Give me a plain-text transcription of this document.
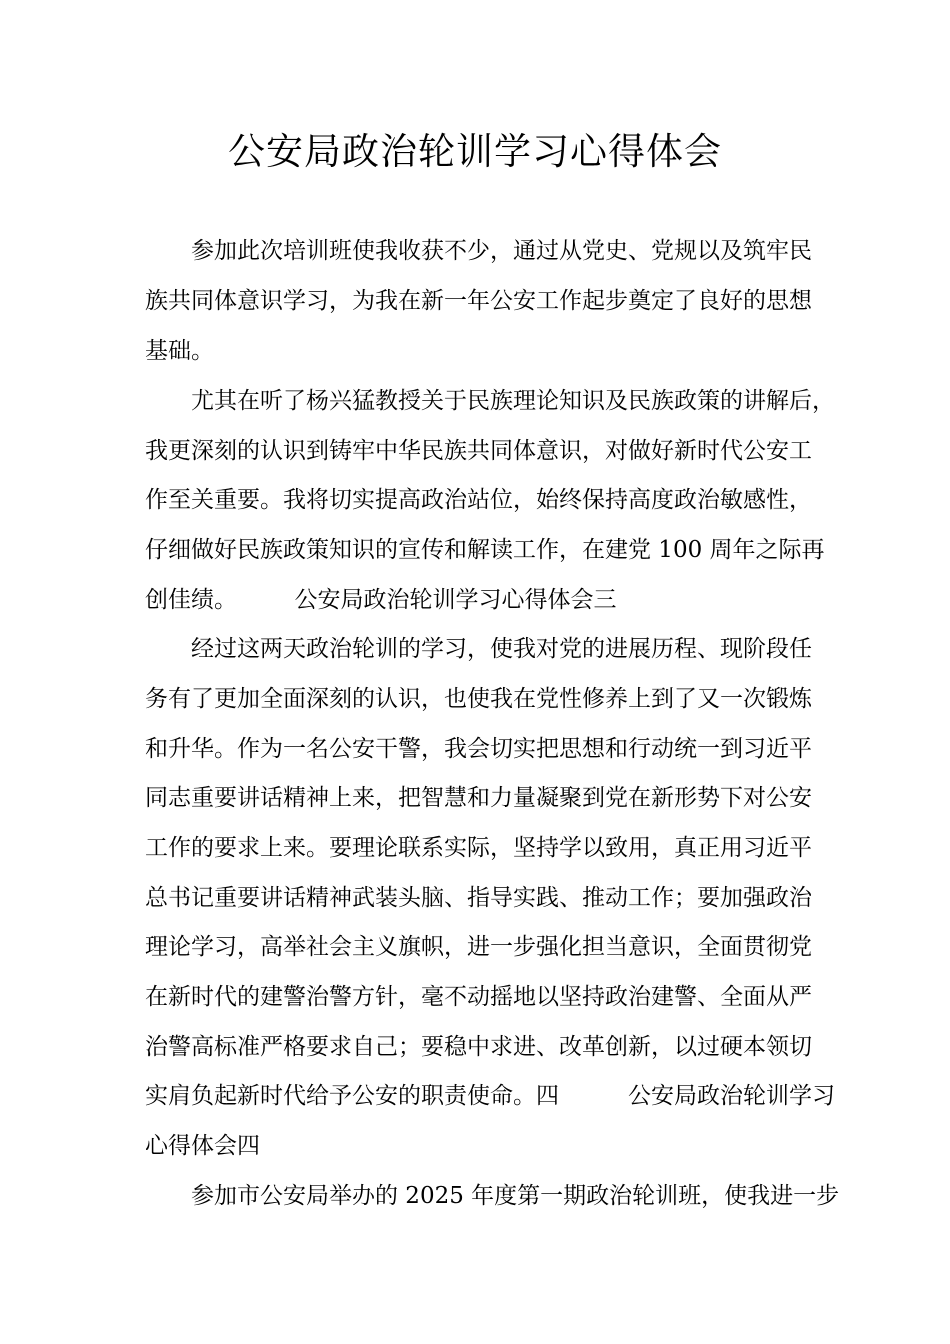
公安局政治轮训学习心得体会
　　参加此次培训班使我收获不少，通过从党史、党规以及筑牢民
族共同体意识学习，为我在新一年公安工作起步奠定了良好的思想
基础。
　　尤其在听了杨兴猛教授关于民族理论知识及民族政策的讲解后，
我更深刻的认识到铸牢中华民族共同体意识，对做好新时代公安工
作至关重要。我将切实提高政治站位，始终保持高度政治敏感性，
仔细做好民族政策知识的宣传和解读工作，在建党 100 周年之际再
创佳绩。　　　公安局政治轮训学习心得体会三
　　经过这两天政治轮训的学习，使我对党的进展历程、现阶段任
务有了更加全面深刻的认识，也使我在党性修养上到了又一次锻炼
和升华。作为一名公安干警，我会切实把思想和行动统一到习近平
同志重要讲话精神上来，把智慧和力量凝聚到党在新形势下对公安
工作的要求上来。要理论联系实际，坚持学以致用，真正用习近平
总书记重要讲话精神武装头脑、指导实践、推动工作；要加强政治
理论学习，高举社会主义旗帜，进一步强化担当意识，全面贯彻党
在新时代的建警治警方针，毫不动摇地以坚持政治建警、全面从严
治警高标准严格要求自己；要稳中求进、改革创新，以过硬本领切
实肩负起新时代给予公安的职责使命。四　　　公安局政治轮训学习
心得体会四
　　参加市公安局举办的 2025 年度第一期政治轮训班，使我进一步
